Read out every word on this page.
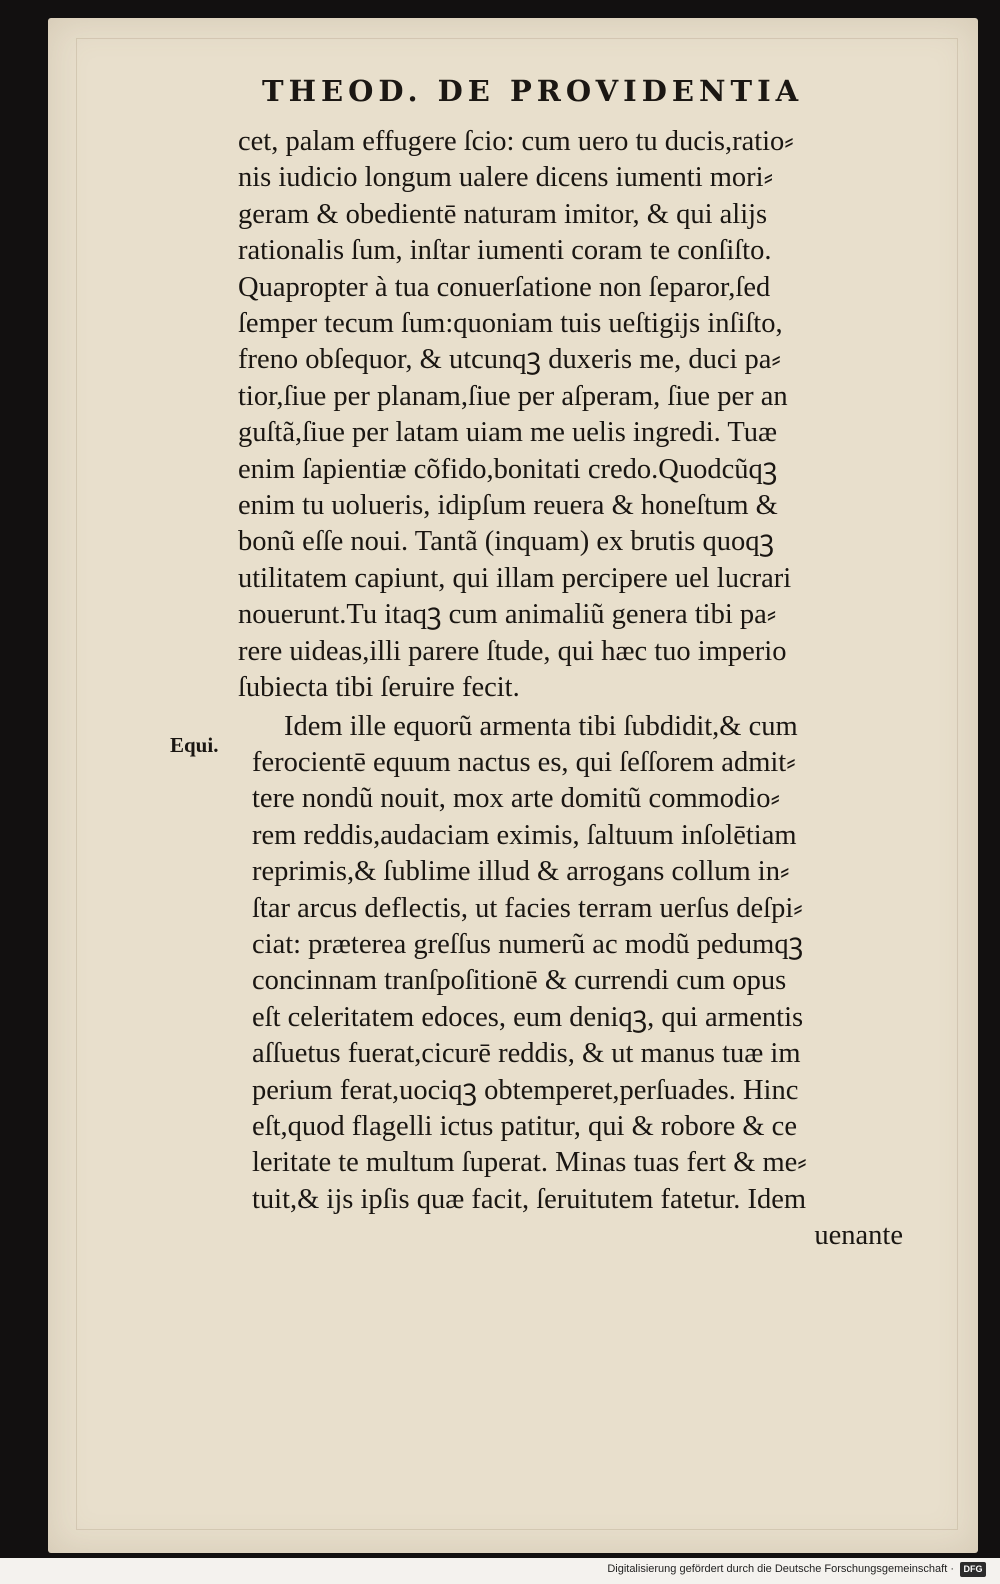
THEOD. DE PROVIDENTIA
Equi.
cet, palam effugere ſcio: cum uero tu ducis,ratio⸗
nis iudicio longum ualere dicens iumenti mori⸗
geram & obedientē naturam imitor, & qui alijs
rationalis ſum, inſtar iumenti coram te conſiſto.
Quapropter à tua conuerſatione non ſeparor,ſed
ſemper tecum ſum:quoniam tuis ueſtigijs inſiſto,
freno obſequor, & utcunqꝫ duxeris me, duci pa⸗
tior,ſiue per planam,ſiue per aſperam, ſiue per an
guſtã,ſiue per latam uiam me uelis ingredi. Tuæ
enim ſapientiæ cõfido,bonitati credo.Quodcũqꝫ
enim tu uolueris, idipſum reuera & honeſtum &
bonũ eſſe noui. Tantã (inquam) ex brutis quoqꝫ
utilitatem capiunt, qui illam percipere uel lucrari
nouerunt.Tu itaqꝫ cum animaliũ genera tibi pa⸗
rere uideas,illi parere ſtude, qui hæc tuo imperio
ſubiecta tibi ſeruire fecit.
Idem ille equorũ armenta tibi ſubdidit,& cum
ferocientē equum nactus es, qui ſeſſorem admit⸗
tere nondũ nouit, mox arte domitũ commodio⸗
rem reddis,audaciam eximis, ſaltuum inſolētiam
reprimis,& ſublime illud & arrogans collum in⸗
ſtar arcus deflectis, ut facies terram uerſus deſpi⸗
ciat: præterea greſſus numerũ ac modũ pedumqꝫ
concinnam tranſpoſitionē & currendi cum opus
eſt celeritatem edoces, eum deniqꝫ, qui armentis
aſſuetus fuerat,cicurē reddis, & ut manus tuæ im
perium ferat,uociqꝫ obtemperet,perſuades. Hinc
eſt,quod flagelli ictus patitur, qui & robore & ce
leritate te multum ſuperat. Minas tuas fert & me⸗
tuit,& ijs ipſis quæ facit, ſeruitutem fatetur. Idem
uenante
Digitalisierung gefördert durch die Deutsche Forschungsgemeinschaft ·	DFG
